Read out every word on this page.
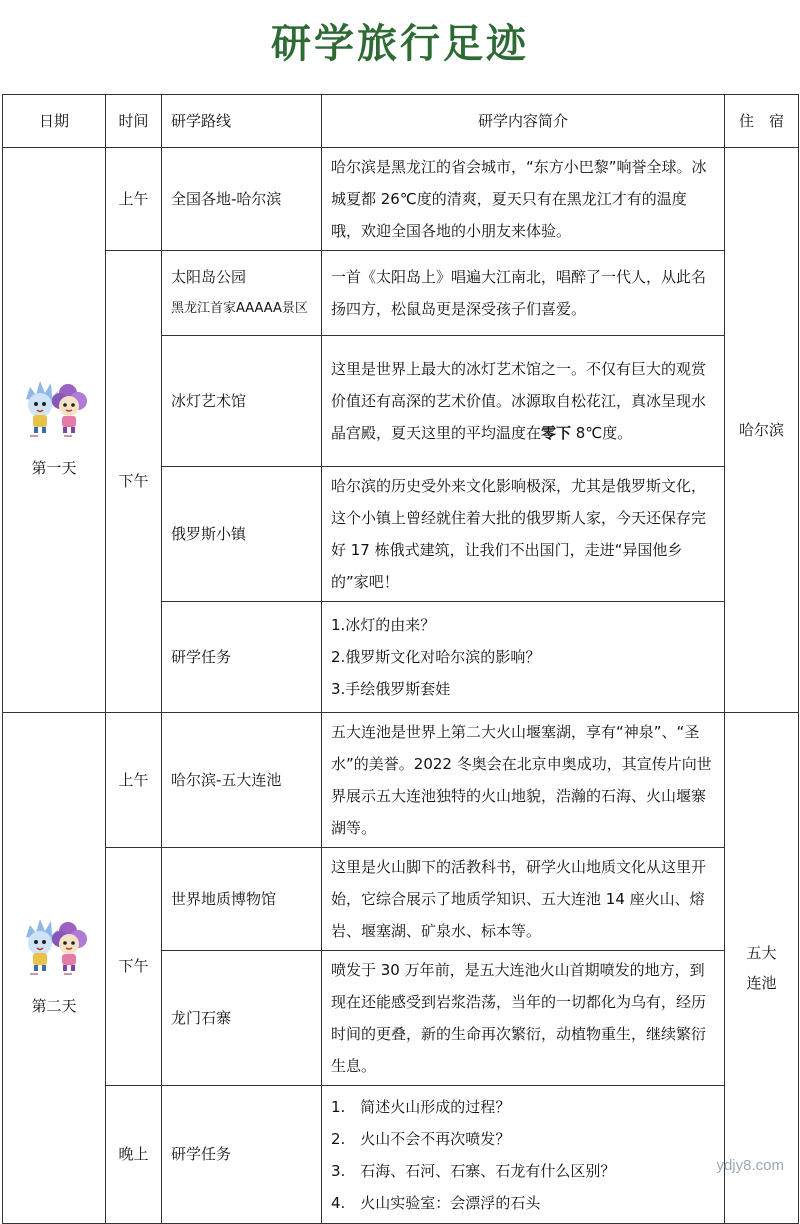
研学旅行足迹
日期	时间	研学路线	研学内容简介	住　宿

第一天	上午	全国各地-哈尔滨	哈尔滨是黑龙江的省会城市，“东方小巴黎”响誉全球。冰城夏都 26℃度的清爽，夏天只有在黑龙江才有的温度哦，欢迎全国各地的小朋友来体验。	哈尔滨
	下午	太阳岛公园
黑龙江首家AAAAA景区	一首《太阳岛上》唱遍大江南北，唱醉了一代人，从此名扬四方，松鼠岛更是深受孩子们喜爱。	
		冰灯艺术馆	这里是世界上最大的冰灯艺术馆之一。不仅有巨大的观赏价值还有高深的艺术价值。冰源取自松花江，真冰呈现水晶宫殿，夏天这里的平均温度在零下 8℃度。	
		俄罗斯小镇	哈尔滨的历史受外来文化影响极深，尤其是俄罗斯文化，这个小镇上曾经就住着大批的俄罗斯人家，今天还保存完好 17 栋俄式建筑，让我们不出国门，走进“异国他乡的”家吧！	
		研学任务	1.冰灯的由来？
2.俄罗斯文化对哈尔滨的影响？
3.手绘俄罗斯套娃	

第二天	上午	哈尔滨-五大连池	五大连池是世界上第二大火山堰塞湖，享有“神泉”、“圣水”的美誉。2022 冬奥会在北京申奥成功，其宣传片向世界展示五大连池独特的火山地貌，浩瀚的石海、火山堰寨湖等。	五大连池
	下午	世界地质博物馆	这里是火山脚下的活教科书，研学火山地质文化从这里开始，它综合展示了地质学知识、五大连池 14 座火山、熔岩、堰塞湖、矿泉水、标本等。	
		龙门石寨	喷发于 30 万年前，是五大连池火山首期喷发的地方，到现在还能感受到岩浆浩荡，当年的一切都化为乌有，经历时间的更叠，新的生命再次繁衍，动植物重生，继续繁衍生息。	
	晚上	研学任务	1.　简述火山形成的过程？
2.　火山不会不再次喷发？
3.　石海、石河、石寨、石龙有什么区别？
4.　火山实验室：会漂浮的石头	
ydjy8.com
